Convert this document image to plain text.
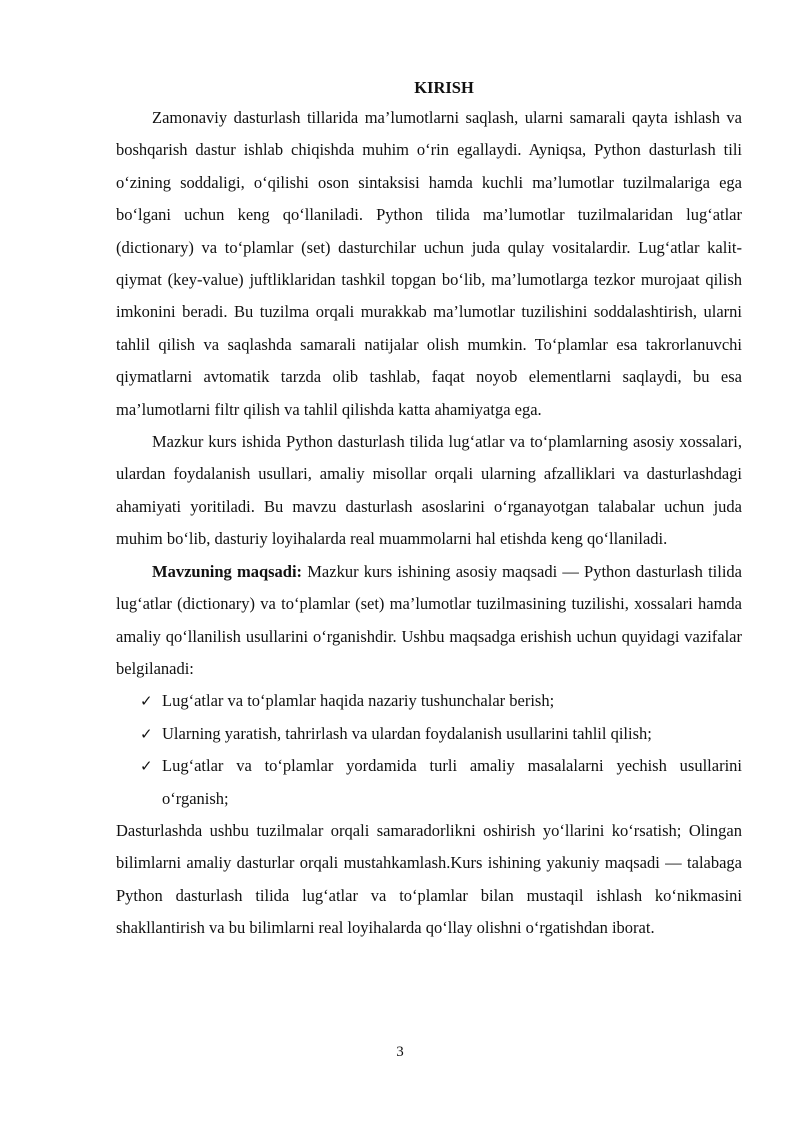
KIRISH

Zamonaviy dasturlash tillarida ma’lumotlarni saqlash, ularni samarali qayta ishlash va boshqarish dastur ishlab chiqishda muhim o‘rin egallaydi. Ayniqsa, Python dasturlash tili o‘zining soddaligi, o‘qilishi oson sintaksisi hamda kuchli ma’lumotlar tuzilmalariga ega bo‘lgani uchun keng qo‘llaniladi. Python tilida ma’lumotlar tuzilmalaridan lug‘atlar (dictionary) va to‘plamlar (set) dasturchilar uchun juda qulay vositalardir. Lug‘atlar kalit-qiymat (key-value) juftliklaridan tashkil topgan bo‘lib, ma’lumotlarga tezkor murojaat qilish imkonini beradi. Bu tuzilma orqali murakkab ma’lumotlar tuzilishini soddalashtirish, ularni tahlil qilish va saqlashda samarali natijalar olish mumkin. To‘plamlar esa takrorlanuvchi qiymatlarni avtomatik tarzda olib tashlab, faqat noyob elementlarni saqlaydi, bu esa ma’lumotlarni filtr qilish va tahlil qilishda katta ahamiyatga ega.

Mazkur kurs ishida Python dasturlash tilida lug‘atlar va to‘plamlarning asosiy xossalari, ulardan foydalanish usullari, amaliy misollar orqali ularning afzalliklari va dasturlashdagi ahamiyati yoritiladi. Bu mavzu dasturlash asoslarini o‘rganayotgan talabalar uchun juda muhim bo‘lib, dasturiy loyihalarda real muammolarni hal etishda keng qo‘llaniladi.

Mavzuning maqsadi: Mazkur kurs ishining asosiy maqsadi — Python dasturlash tilida lug‘atlar (dictionary) va to‘plamlar (set) ma’lumotlar tuzilmasining tuzilishi, xossalari hamda amaliy qo‘llanilish usullarini o‘rganishdir. Ushbu maqsadga erishish uchun quyidagi vazifalar belgilanadi:

✓ Lug‘atlar va to‘plamlar haqida nazariy tushunchalar berish;
✓ Ularning yaratish, tahrirlash va ulardan foydalanish usullarini tahlil qilish;
✓ Lug‘atlar va to‘plamlar yordamida turli amaliy masalalarni yechish usullarini o‘rganish;

Dasturlashda ushbu tuzilmalar orqali samaradorlikni oshirish yo‘llarini ko‘rsatish; Olingan bilimlarni amaliy dasturlar orqali mustahkamlash.Kurs ishining yakuniy maqsadi — talabaga Python dasturlash tilida lug‘atlar va to‘plamlar bilan mustaqil ishlash ko‘nikmasini shakllantirish va bu bilimlarni real loyihalarda qo‘llay olishni o‘rgatishdan iborat.

3
